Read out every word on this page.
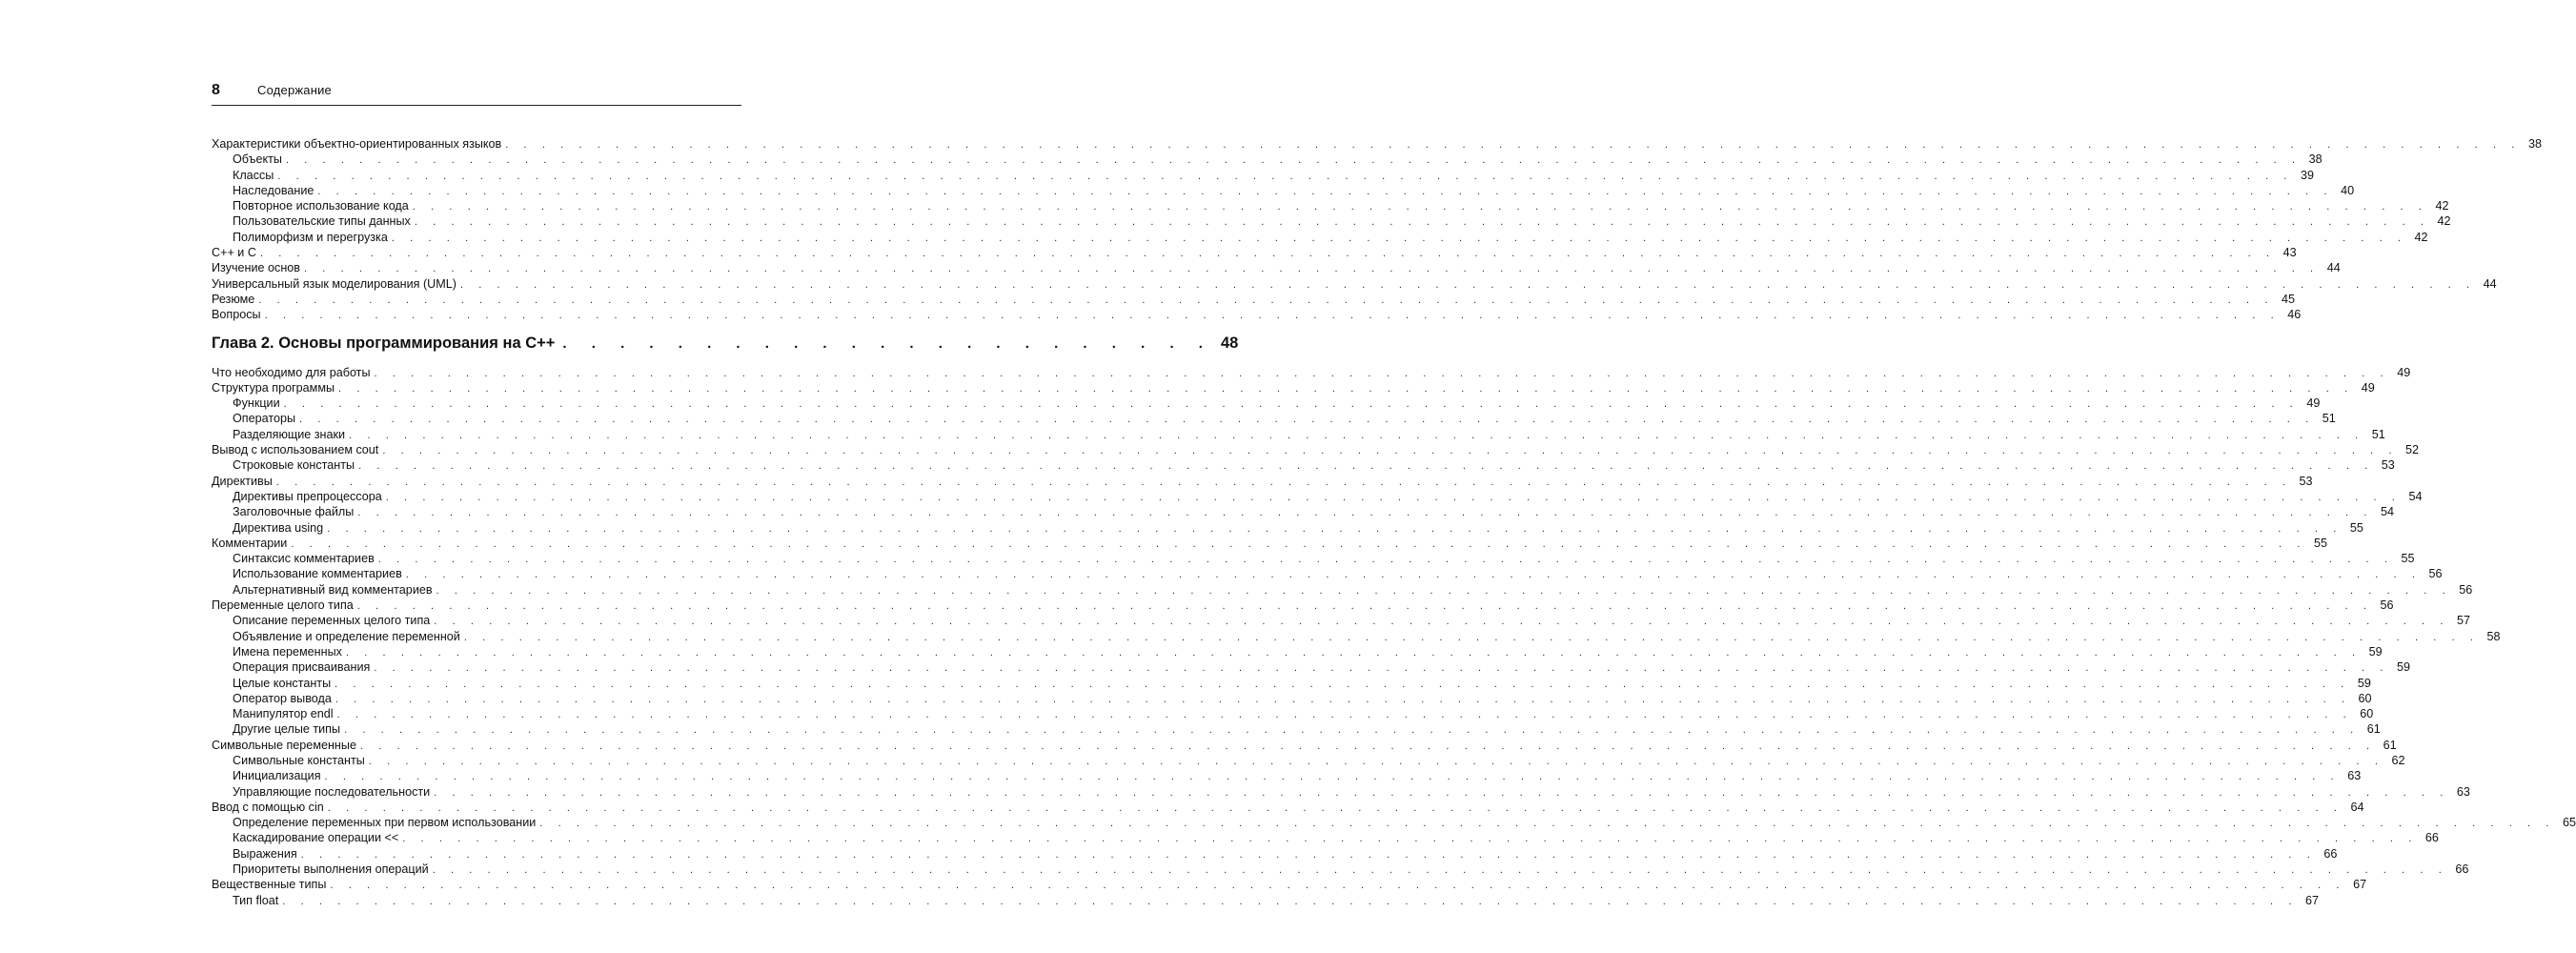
8	Содержание
Характеристики объектно-ориентированных языков . . . . . . . . . . . . . . . . . . . . . . . . . . . . . . . . . . . . . . . . . . . . . . . . . . . . . . . . . . . . . . . . . . . . . . . . . . . . . . . . . . . . . . . . . . . . . . . . . . . . . . . . . . . . . . 38
Объекты . . . . . . . . . . . . . . . . . . . . . . . . . . . . . . . . . . . . . . . . . . . . . . . . . . . . . . . . . . . . . . . . . . . . . . . . . . . . . . . . . . . . . . . . . . . . . . . . . . . . . . . . . . . . . . 38
Классы . . . . . . . . . . . . . . . . . . . . . . . . . . . . . . . . . . . . . . . . . . . . . . . . . . . . . . . . . . . . . . . . . . . . . . . . . . . . . . . . . . . . . . . . . . . . . . . . . . . . . . . . . . . . . . 39
Наследование . . . . . . . . . . . . . . . . . . . . . . . . . . . . . . . . . . . . . . . . . . . . . . . . . . . . . . . . . . . . . . . . . . . . . . . . . . . . . . . . . . . . . . . . . . . . . . . . . . . . . . . . . . . . . . 40
Повторное использование кода . . . . . . . . . . . . . . . . . . . . . . . . . . . . . . . . . . . . . . . . . . . . . . . . . . . . . . . . . . . . . . . . . . . . . . . . . . . . . . . . . . . . . . . . . . . . . . . . . . . . . . . . . . . . . . 42
Пользовательские типы данных . . . . . . . . . . . . . . . . . . . . . . . . . . . . . . . . . . . . . . . . . . . . . . . . . . . . . . . . . . . . . . . . . . . . . . . . . . . . . . . . . . . . . . . . . . . . . . . . . . . . . . . . . . . . . . 42
Полиморфизм и перегрузка . . . . . . . . . . . . . . . . . . . . . . . . . . . . . . . . . . . . . . . . . . . . . . . . . . . . . . . . . . . . . . . . . . . . . . . . . . . . . . . . . . . . . . . . . . . . . . . . . . . . . . . . . . . . . . 42
С++ и С . . . . . . . . . . . . . . . . . . . . . . . . . . . . . . . . . . . . . . . . . . . . . . . . . . . . . . . . . . . . . . . . . . . . . . . . . . . . . . . . . . . . . . . . . . . . . . . . . . . . . . . . . . . . . . 43
Изучение основ . . . . . . . . . . . . . . . . . . . . . . . . . . . . . . . . . . . . . . . . . . . . . . . . . . . . . . . . . . . . . . . . . . . . . . . . . . . . . . . . . . . . . . . . . . . . . . . . . . . . . . . . . . . . . . 44
Универсальный язык моделирования (UML) . . . . . . . . . . . . . . . . . . . . . . . . . . . . . . . . . . . . . . . . . . . . . . . . . . . . . . . . . . . . . . . . . . . . . . . . . . . . . . . . . . . . . . . . . . . . . . . . . . . . . . . . . . . . . . 44
Резюме . . . . . . . . . . . . . . . . . . . . . . . . . . . . . . . . . . . . . . . . . . . . . . . . . . . . . . . . . . . . . . . . . . . . . . . . . . . . . . . . . . . . . . . . . . . . . . . . . . . . . . . . . . . . . . 45
Вопросы . . . . . . . . . . . . . . . . . . . . . . . . . . . . . . . . . . . . . . . . . . . . . . . . . . . . . . . . . . . . . . . . . . . . . . . . . . . . . . . . . . . . . . . . . . . . . . . . . . . . . . . . . . . . . . 46
Глава 2. Основы программирования на С++ . . . . . . . . . . . . . . . . . . . . . . . 48
Что необходимо для работы . . . . . . . . . . . . . . . . . . . . . . . . . . . . . . . . . . . . . . . . . . . . . . . . . . . . . . . . . . . . . . . . . . . . . . . . . . . . . . . . . . . . . . . . . . . . . . . . . . . . . . . . . . . . . . 49
Структура программы . . . . . . . . . . . . . . . . . . . . . . . . . . . . . . . . . . . . . . . . . . . . . . . . . . . . . . . . . . . . . . . . . . . . . . . . . . . . . . . . . . . . . . . . . . . . . . . . . . . . . . . . . . . . . . 49
Функции . . . . . . . . . . . . . . . . . . . . . . . . . . . . . . . . . . . . . . . . . . . . . . . . . . . . . . . . . . . . . . . . . . . . . . . . . . . . . . . . . . . . . . . . . . . . . . . . . . . . . . . . . . . . . . 49
Операторы . . . . . . . . . . . . . . . . . . . . . . . . . . . . . . . . . . . . . . . . . . . . . . . . . . . . . . . . . . . . . . . . . . . . . . . . . . . . . . . . . . . . . . . . . . . . . . . . . . . . . . . . . . . . . . 51
Разделяющие знаки . . . . . . . . . . . . . . . . . . . . . . . . . . . . . . . . . . . . . . . . . . . . . . . . . . . . . . . . . . . . . . . . . . . . . . . . . . . . . . . . . . . . . . . . . . . . . . . . . . . . . . . . . . . . . . 51
Вывод с использованием cout . . . . . . . . . . . . . . . . . . . . . . . . . . . . . . . . . . . . . . . . . . . . . . . . . . . . . . . . . . . . . . . . . . . . . . . . . . . . . . . . . . . . . . . . . . . . . . . . . . . . . . . . . . . . . . 52
Строковые константы . . . . . . . . . . . . . . . . . . . . . . . . . . . . . . . . . . . . . . . . . . . . . . . . . . . . . . . . . . . . . . . . . . . . . . . . . . . . . . . . . . . . . . . . . . . . . . . . . . . . . . . . . . . . . . 53
Директивы . . . . . . . . . . . . . . . . . . . . . . . . . . . . . . . . . . . . . . . . . . . . . . . . . . . . . . . . . . . . . . . . . . . . . . . . . . . . . . . . . . . . . . . . . . . . . . . . . . . . . . . . . . . . . . 53
Директивы препроцессора . . . . . . . . . . . . . . . . . . . . . . . . . . . . . . . . . . . . . . . . . . . . . . . . . . . . . . . . . . . . . . . . . . . . . . . . . . . . . . . . . . . . . . . . . . . . . . . . . . . . . . . . . . . . . . 54
Заголовочные файлы . . . . . . . . . . . . . . . . . . . . . . . . . . . . . . . . . . . . . . . . . . . . . . . . . . . . . . . . . . . . . . . . . . . . . . . . . . . . . . . . . . . . . . . . . . . . . . . . . . . . . . . . . . . . . . 54
Директива using . . . . . . . . . . . . . . . . . . . . . . . . . . . . . . . . . . . . . . . . . . . . . . . . . . . . . . . . . . . . . . . . . . . . . . . . . . . . . . . . . . . . . . . . . . . . . . . . . . . . . . . . . . . . . . 55
Комментарии . . . . . . . . . . . . . . . . . . . . . . . . . . . . . . . . . . . . . . . . . . . . . . . . . . . . . . . . . . . . . . . . . . . . . . . . . . . . . . . . . . . . . . . . . . . . . . . . . . . . . . . . . . . . . . 55
Синтаксис комментариев . . . . . . . . . . . . . . . . . . . . . . . . . . . . . . . . . . . . . . . . . . . . . . . . . . . . . . . . . . . . . . . . . . . . . . . . . . . . . . . . . . . . . . . . . . . . . . . . . . . . . . . . . . . . . . 55
Использование комментариев . . . . . . . . . . . . . . . . . . . . . . . . . . . . . . . . . . . . . . . . . . . . . . . . . . . . . . . . . . . . . . . . . . . . . . . . . . . . . . . . . . . . . . . . . . . . . . . . . . . . . . . . . . . . . . 56
Альтернативный вид комментариев . . . . . . . . . . . . . . . . . . . . . . . . . . . . . . . . . . . . . . . . . . . . . . . . . . . . . . . . . . . . . . . . . . . . . . . . . . . . . . . . . . . . . . . . . . . . . . . . . . . . . . . . . . . . . . 56
Переменные целого типа . . . . . . . . . . . . . . . . . . . . . . . . . . . . . . . . . . . . . . . . . . . . . . . . . . . . . . . . . . . . . . . . . . . . . . . . . . . . . . . . . . . . . . . . . . . . . . . . . . . . . . . . . . . . . . 56
Описание переменных целого типа . . . . . . . . . . . . . . . . . . . . . . . . . . . . . . . . . . . . . . . . . . . . . . . . . . . . . . . . . . . . . . . . . . . . . . . . . . . . . . . . . . . . . . . . . . . . . . . . . . . . . . . . . . . . . . 57
Объявление и определение переменной . . . . . . . . . . . . . . . . . . . . . . . . . . . . . . . . . . . . . . . . . . . . . . . . . . . . . . . . . . . . . . . . . . . . . . . . . . . . . . . . . . . . . . . . . . . . . . . . . . . . . . . . . . . . . . 58
Имена переменных . . . . . . . . . . . . . . . . . . . . . . . . . . . . . . . . . . . . . . . . . . . . . . . . . . . . . . . . . . . . . . . . . . . . . . . . . . . . . . . . . . . . . . . . . . . . . . . . . . . . . . . . . . . . . . 59
Операция присваивания . . . . . . . . . . . . . . . . . . . . . . . . . . . . . . . . . . . . . . . . . . . . . . . . . . . . . . . . . . . . . . . . . . . . . . . . . . . . . . . . . . . . . . . . . . . . . . . . . . . . . . . . . . . . . . 59
Целые константы . . . . . . . . . . . . . . . . . . . . . . . . . . . . . . . . . . . . . . . . . . . . . . . . . . . . . . . . . . . . . . . . . . . . . . . . . . . . . . . . . . . . . . . . . . . . . . . . . . . . . . . . . . . . . . 59
Оператор вывода . . . . . . . . . . . . . . . . . . . . . . . . . . . . . . . . . . . . . . . . . . . . . . . . . . . . . . . . . . . . . . . . . . . . . . . . . . . . . . . . . . . . . . . . . . . . . . . . . . . . . . . . . . . . . . 60
Манипулятор endl . . . . . . . . . . . . . . . . . . . . . . . . . . . . . . . . . . . . . . . . . . . . . . . . . . . . . . . . . . . . . . . . . . . . . . . . . . . . . . . . . . . . . . . . . . . . . . . . . . . . . . . . . . . . . . 60
Другие целые типы . . . . . . . . . . . . . . . . . . . . . . . . . . . . . . . . . . . . . . . . . . . . . . . . . . . . . . . . . . . . . . . . . . . . . . . . . . . . . . . . . . . . . . . . . . . . . . . . . . . . . . . . . . . . . . 61
Символьные переменные . . . . . . . . . . . . . . . . . . . . . . . . . . . . . . . . . . . . . . . . . . . . . . . . . . . . . . . . . . . . . . . . . . . . . . . . . . . . . . . . . . . . . . . . . . . . . . . . . . . . . . . . . . . . . . 61
Символьные константы . . . . . . . . . . . . . . . . . . . . . . . . . . . . . . . . . . . . . . . . . . . . . . . . . . . . . . . . . . . . . . . . . . . . . . . . . . . . . . . . . . . . . . . . . . . . . . . . . . . . . . . . . . . . . . 62
Инициализация . . . . . . . . . . . . . . . . . . . . . . . . . . . . . . . . . . . . . . . . . . . . . . . . . . . . . . . . . . . . . . . . . . . . . . . . . . . . . . . . . . . . . . . . . . . . . . . . . . . . . . . . . . . . . . 63
Управляющие последовательности . . . . . . . . . . . . . . . . . . . . . . . . . . . . . . . . . . . . . . . . . . . . . . . . . . . . . . . . . . . . . . . . . . . . . . . . . . . . . . . . . . . . . . . . . . . . . . . . . . . . . . . . . . . . . . 63
Ввод с помощью cin . . . . . . . . . . . . . . . . . . . . . . . . . . . . . . . . . . . . . . . . . . . . . . . . . . . . . . . . . . . . . . . . . . . . . . . . . . . . . . . . . . . . . . . . . . . . . . . . . . . . . . . . . . . . . . 64
Определение переменных при первом использовании . . . . . . . . . . . . . . . . . . . . . . . . . . . . . . . . . . . . . . . . . . . . . . . . . . . . . . . . . . . . . . . . . . . . . . . . . . . . . . . . . . . . . . . . . . . . . . . . . . . . . . . . . . . . . . 65
Каскадирование операции << . . . . . . . . . . . . . . . . . . . . . . . . . . . . . . . . . . . . . . . . . . . . . . . . . . . . . . . . . . . . . . . . . . . . . . . . . . . . . . . . . . . . . . . . . . . . . . . . . . . . . . . . . . . . . . 66
Выражения . . . . . . . . . . . . . . . . . . . . . . . . . . . . . . . . . . . . . . . . . . . . . . . . . . . . . . . . . . . . . . . . . . . . . . . . . . . . . . . . . . . . . . . . . . . . . . . . . . . . . . . . . . . . . . 66
Приоритеты выполнения операций . . . . . . . . . . . . . . . . . . . . . . . . . . . . . . . . . . . . . . . . . . . . . . . . . . . . . . . . . . . . . . . . . . . . . . . . . . . . . . . . . . . . . . . . . . . . . . . . . . . . . . . . . . . . . . 66
Вещественные типы . . . . . . . . . . . . . . . . . . . . . . . . . . . . . . . . . . . . . . . . . . . . . . . . . . . . . . . . . . . . . . . . . . . . . . . . . . . . . . . . . . . . . . . . . . . . . . . . . . . . . . . . . . . . . . 67
Тип float . . . . . . . . . . . . . . . . . . . . . . . . . . . . . . . . . . . . . . . . . . . . . . . . . . . . . . . . . . . . . . . . . . . . . . . . . . . . . . . . . . . . . . . . . . . . . . . . . . . . . . . . . . . . . . 67
